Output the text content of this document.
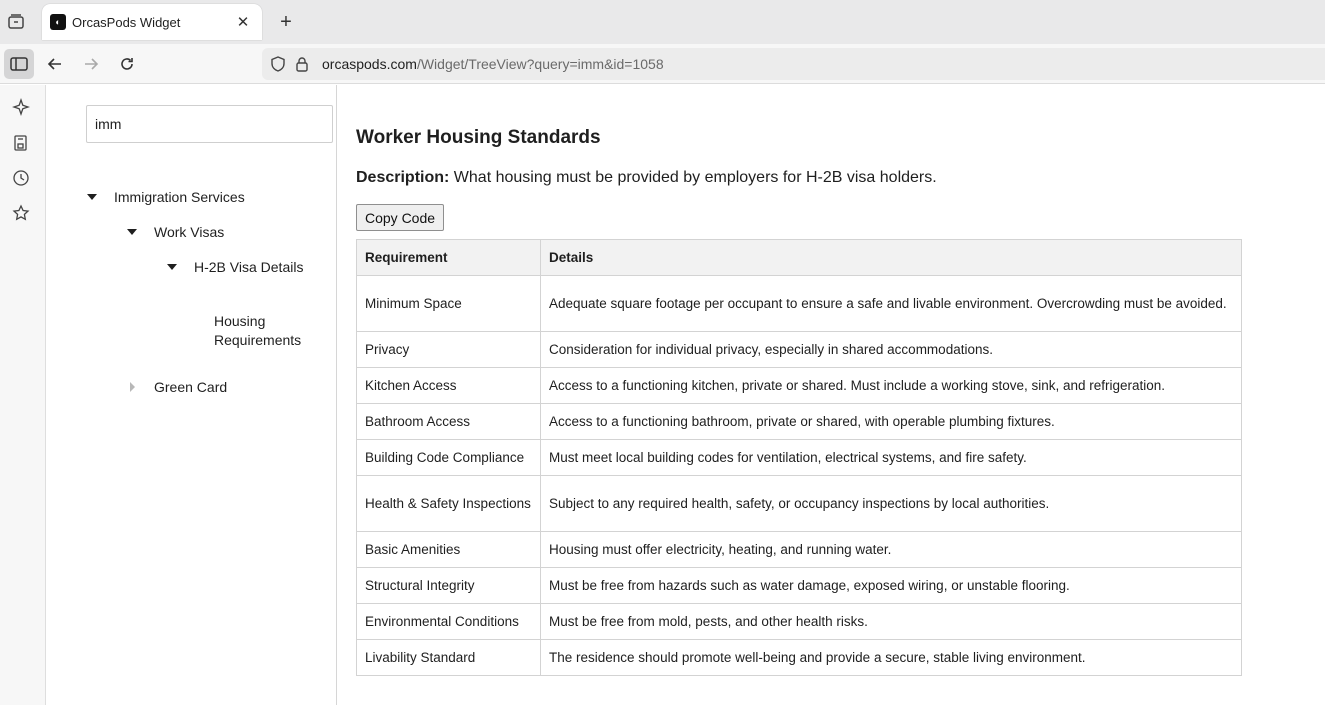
◐ OrcasPods Widget	✕	+
orcaspods.com/Widget/TreeView?query=imm&id=1058
imm
Immigration Services
Work Visas
H-2B Visa Details
Housing Requirements
Green Card
Worker Housing Standards
Description: What housing must be provided by employers for H-2B visa holders.
Copy Code
Requirement	Details
Minimum Space	Adequate square footage per occupant to ensure a safe and livable environment. Overcrowding must be avoided.
Privacy	Consideration for individual privacy, especially in shared accommodations.
Kitchen Access	Access to a functioning kitchen, private or shared. Must include a working stove, sink, and refrigeration.
Bathroom Access	Access to a functioning bathroom, private or shared, with operable plumbing fixtures.
Building Code Compliance	Must meet local building codes for ventilation, electrical systems, and fire safety.
Health & Safety Inspections	Subject to any required health, safety, or occupancy inspections by local authorities.
Basic Amenities	Housing must offer electricity, heating, and running water.
Structural Integrity	Must be free from hazards such as water damage, exposed wiring, or unstable flooring.
Environmental Conditions	Must be free from mold, pests, and other health risks.
Livability Standard	The residence should promote well-being and provide a secure, stable living environment.
